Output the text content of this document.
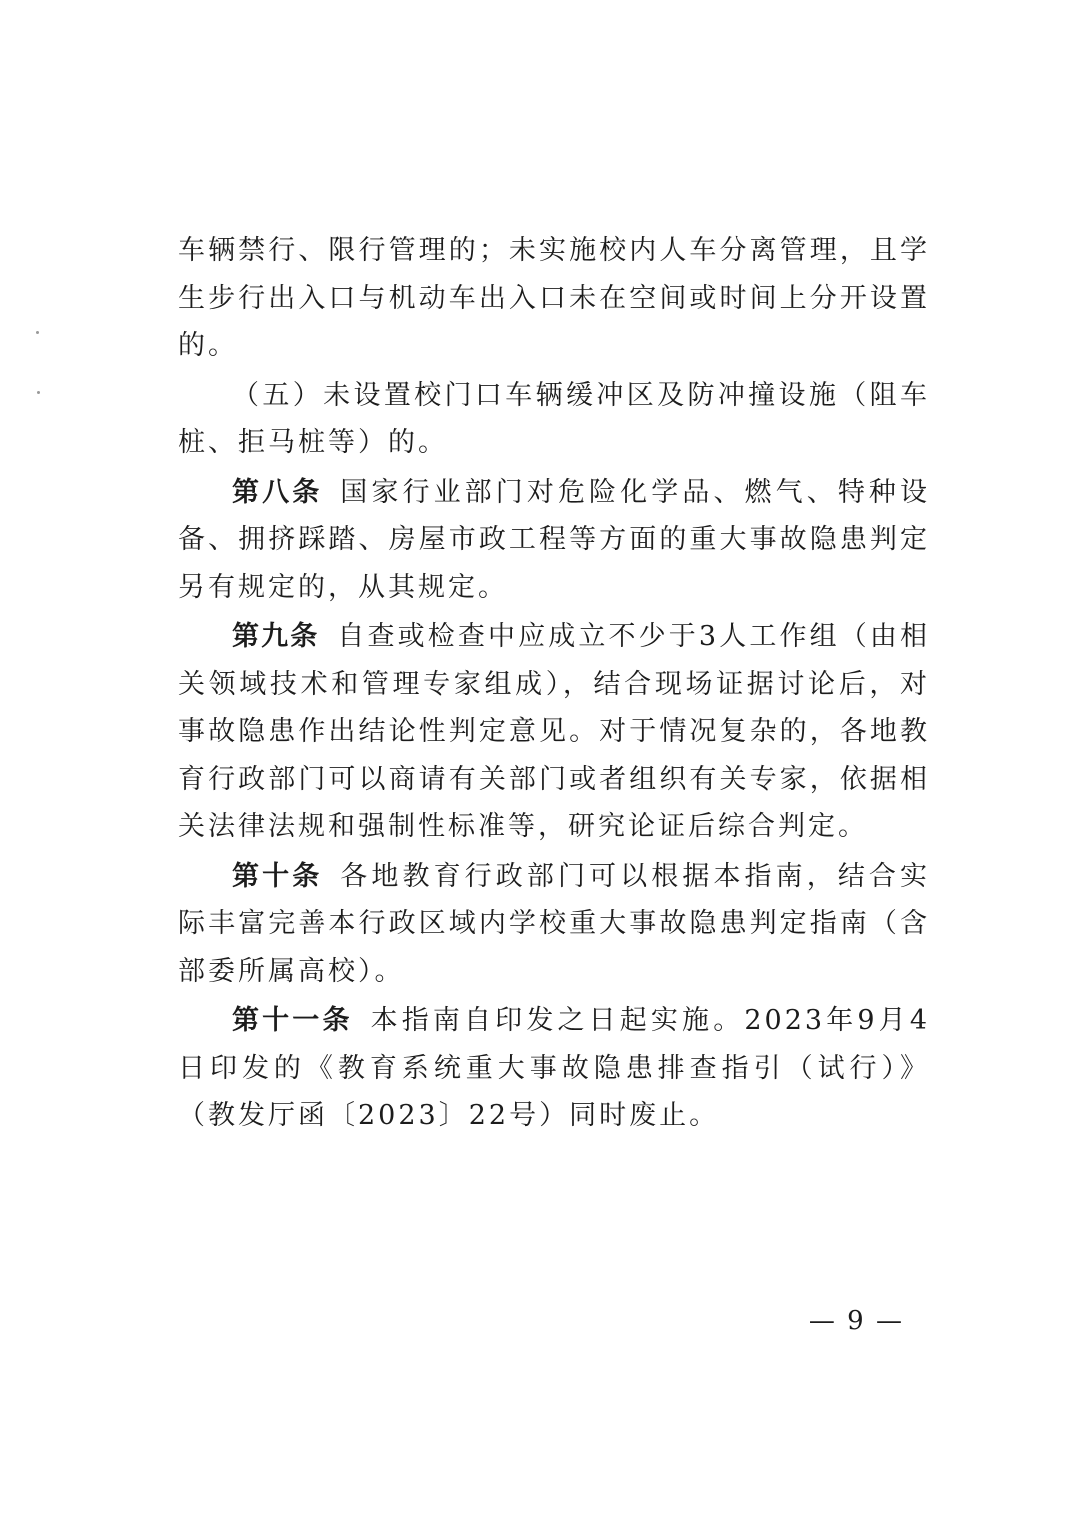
车辆禁行、限行管理的；未实施校内人车分离管理，且学生步行出入口与机动车出入口未在空间或时间上分开设置的。

（五）未设置校门口车辆缓冲区及防冲撞设施（阻车桩、拒马桩等）的。

第八条 国家行业部门对危险化学品、燃气、特种设备、拥挤踩踏、房屋市政工程等方面的重大事故隐患判定另有规定的，从其规定。

第九条 自查或检查中应成立不少于3人工作组（由相关领域技术和管理专家组成），结合现场证据讨论后，对事故隐患作出结论性判定意见。对于情况复杂的，各地教育行政部门可以商请有关部门或者组织有关专家，依据相关法律法规和强制性标准等，研究论证后综合判定。

第十条 各地教育行政部门可以根据本指南，结合实际丰富完善本行政区域内学校重大事故隐患判定指南（含部委所属高校）。

第十一条 本指南自印发之日起实施。2023年9月4日印发的《教育系统重大事故隐患排查指引（试行）》（教发厅函〔2023〕22号）同时废止。

— 9 —
